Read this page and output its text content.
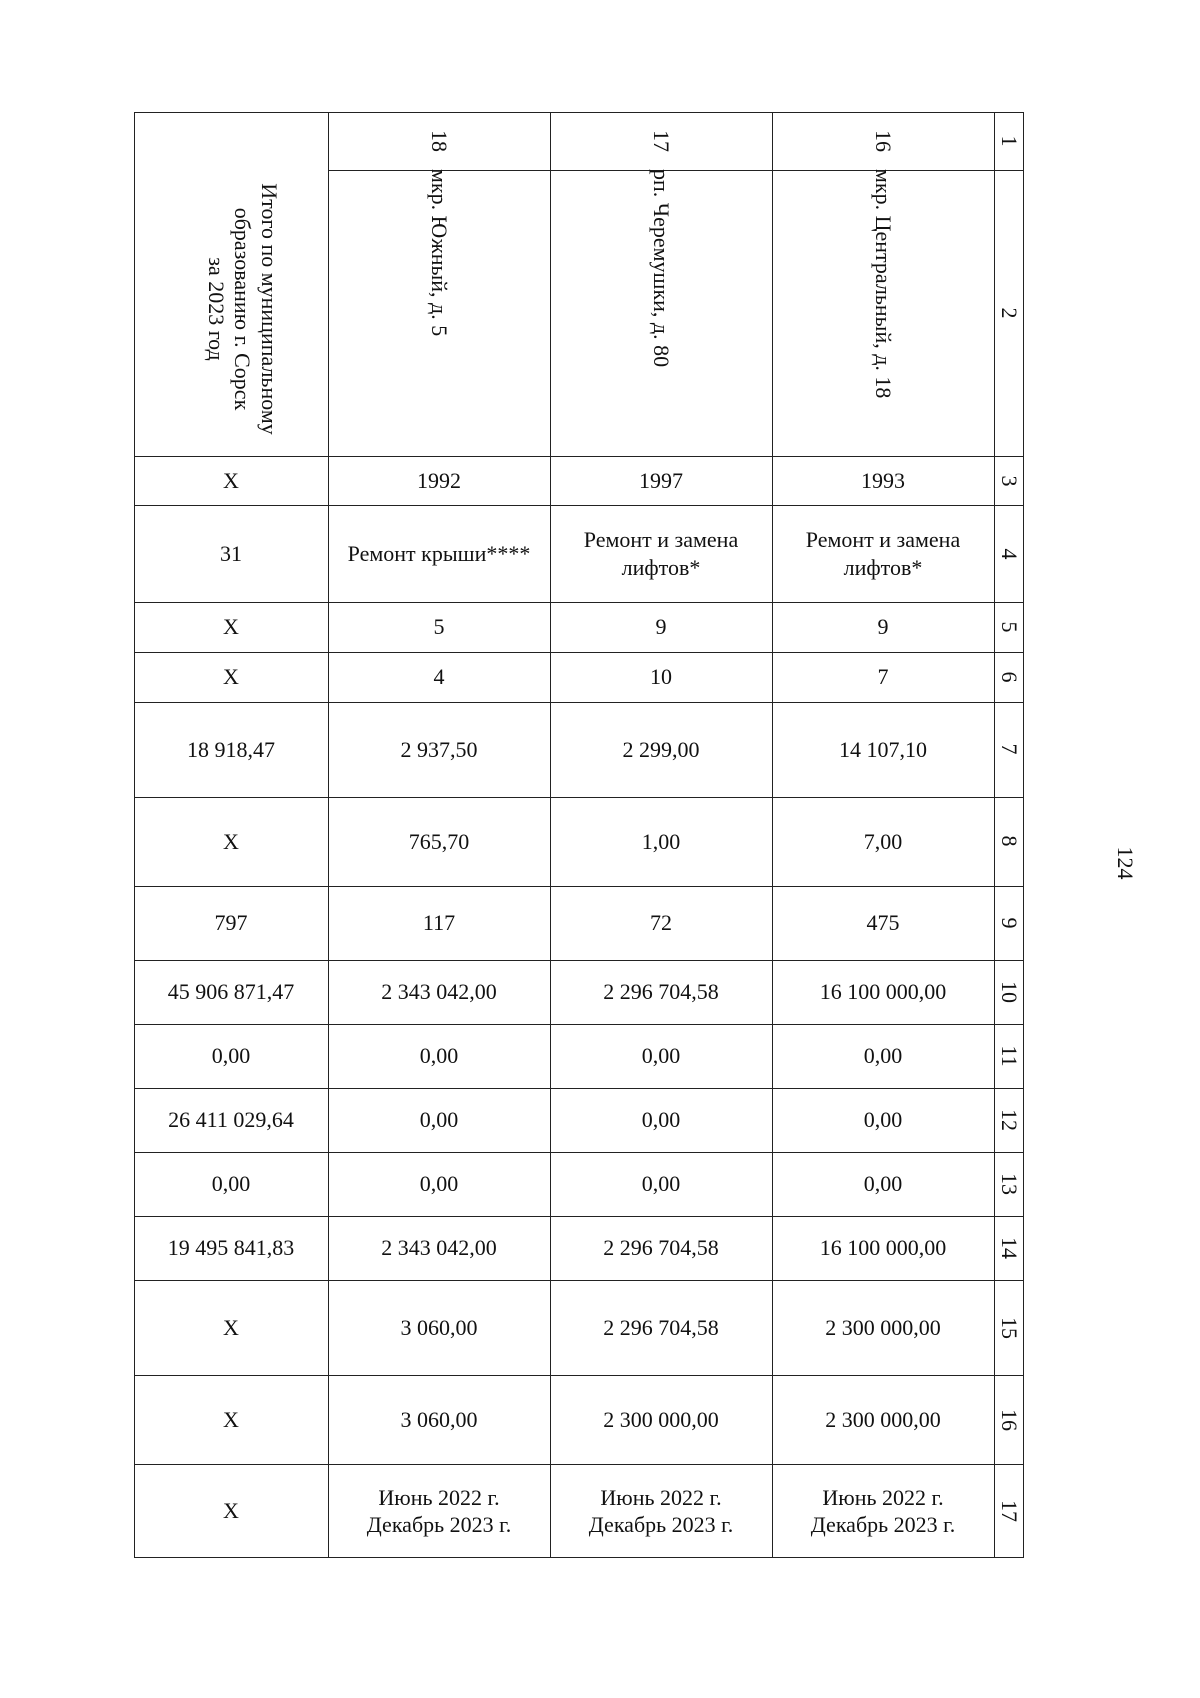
1
2
3
4
5
6
7
8
9
10
11
12
13
14
15
16
17
16
17
18
мкр. Центральный, д. 18
рп. Черемушки, д. 80
мкр. Южный, д. 5
Итого по муниципальному
образованию г. Сорск
за 2023 год
1993
Ремонт и замена
лифтов*
9
7
14 107,10
7,00
475
16 100 000,00
0,00
0,00
0,00
16 100 000,00
2 300 000,00
2 300 000,00
Июнь 2022 г.
Декабрь 2023 г.
1997
Ремонт и замена
лифтов*
9
10
2 299,00
1,00
72
2 296 704,58
0,00
0,00
0,00
2 296 704,58
2 296 704,58
2 300 000,00
Июнь 2022 г.
Декабрь 2023 г.
1992
Ремонт крыши****
5
4
2 937,50
765,70
117
2 343 042,00
0,00
0,00
0,00
2 343 042,00
3 060,00
3 060,00
Июнь 2022 г.
Декабрь 2023 г.
X
31
X
X
18 918,47
X
797
45 906 871,47
0,00
26 411 029,64
0,00
19 495 841,83
X
X
X
124
